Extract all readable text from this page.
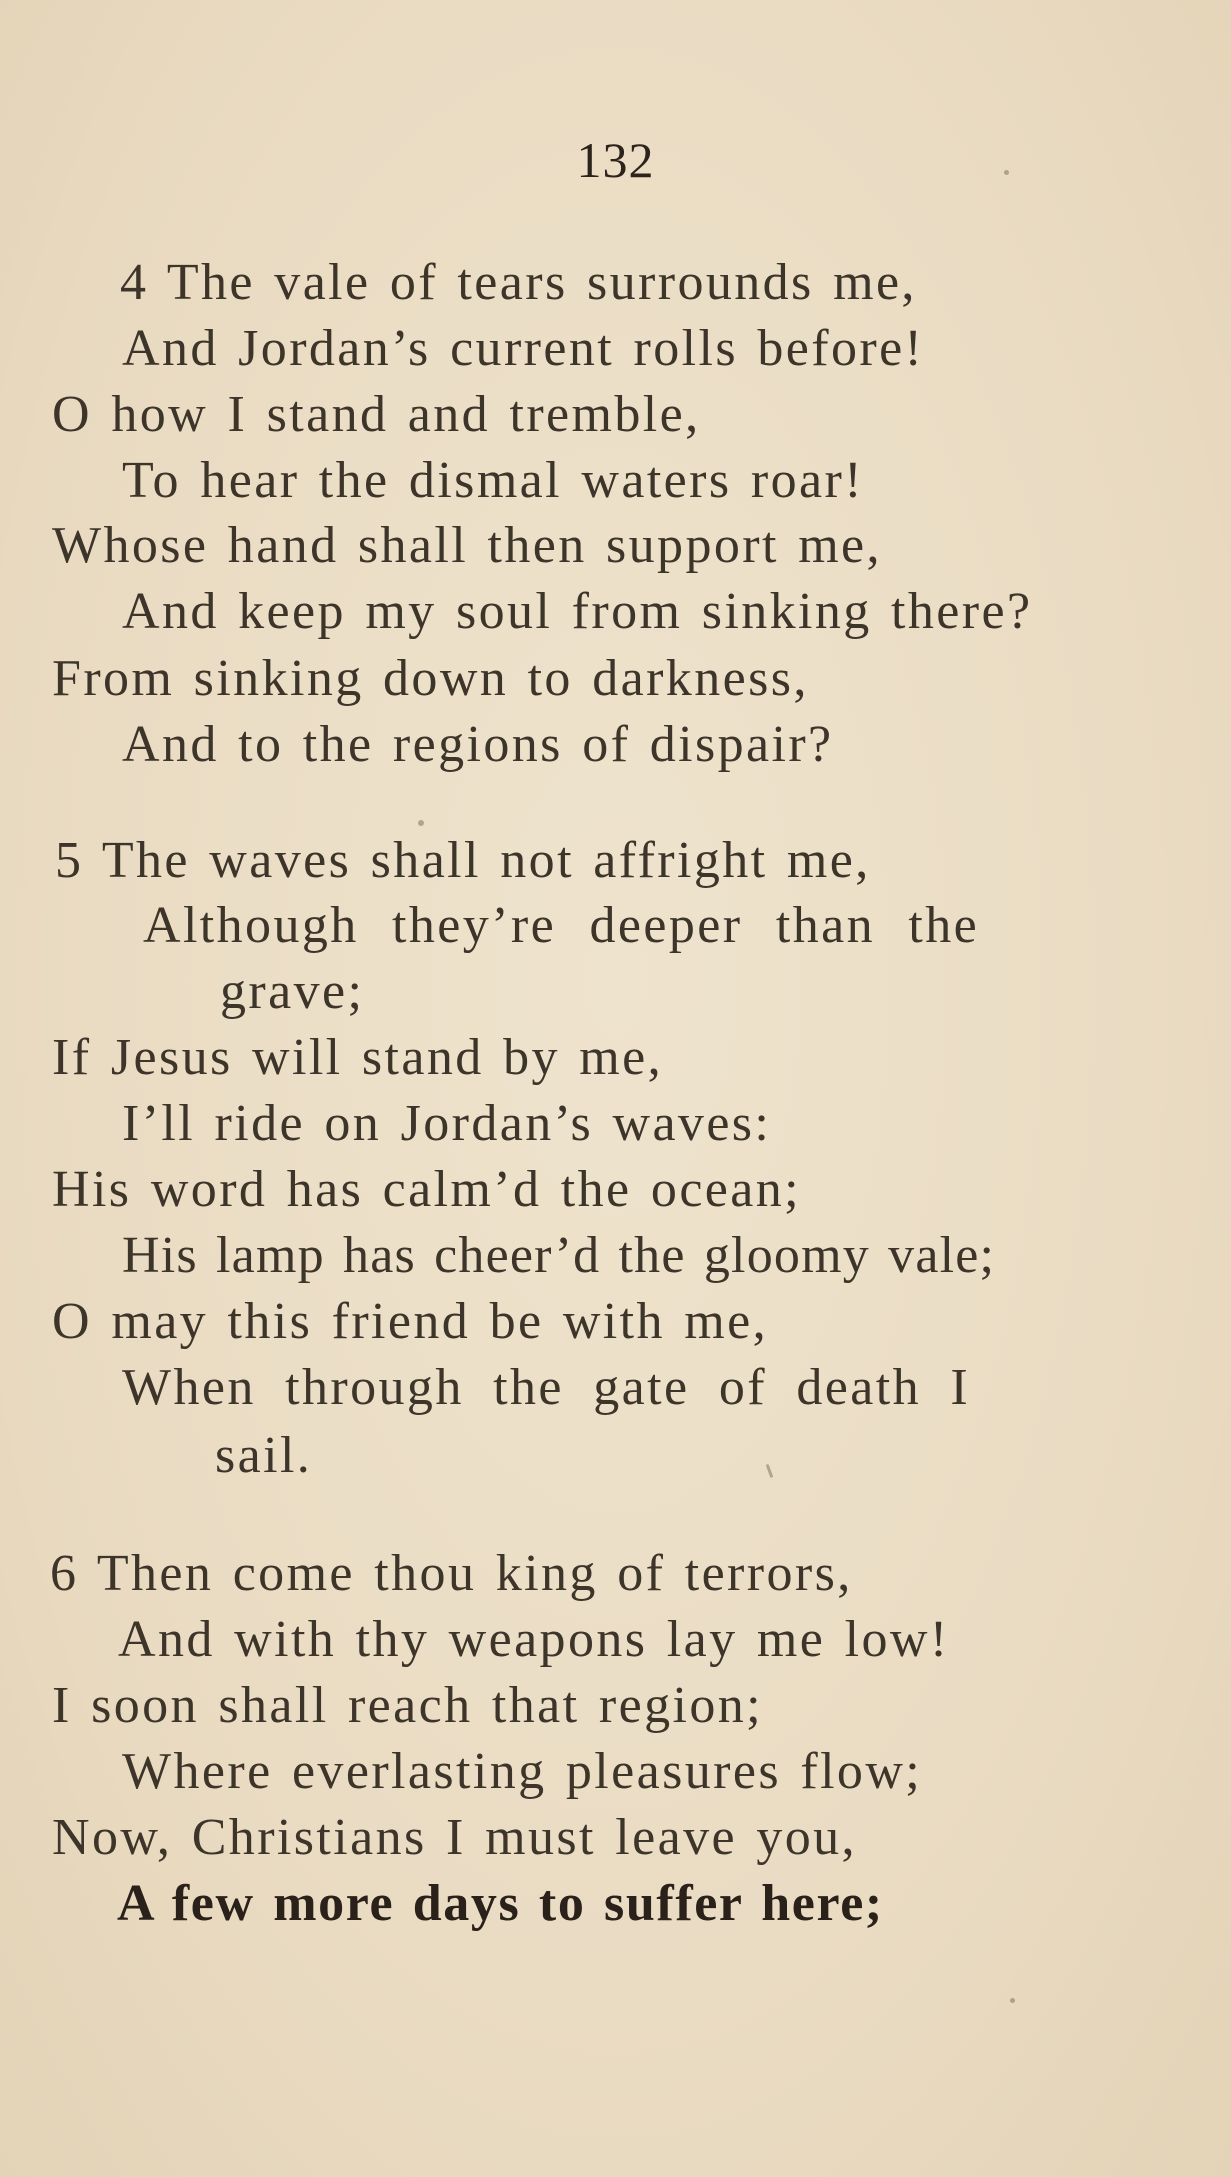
132
4 The vale of tears surrounds me,
And Jordan’s current rolls before!
O how I stand and tremble,
To hear the dismal waters roar!
Whose hand shall then support me,
And keep my soul from sinking there?
From sinking down to darkness,
And to the regions of dispair?
5 The waves shall not affright me,
Although they’re deeper than the
grave;
If Jesus will stand by me,
I’ll ride on Jordan’s waves:
His word has calm’d the ocean;
His lamp has cheer’d the gloomy vale;
O may this friend be with me,
When through the gate of death I
sail.
6 Then come thou king of terrors,
And with thy weapons lay me low!
I soon shall reach that region;
Where everlasting pleasures flow;
Now, Christians I must leave you,
A few more days to suffer here;
